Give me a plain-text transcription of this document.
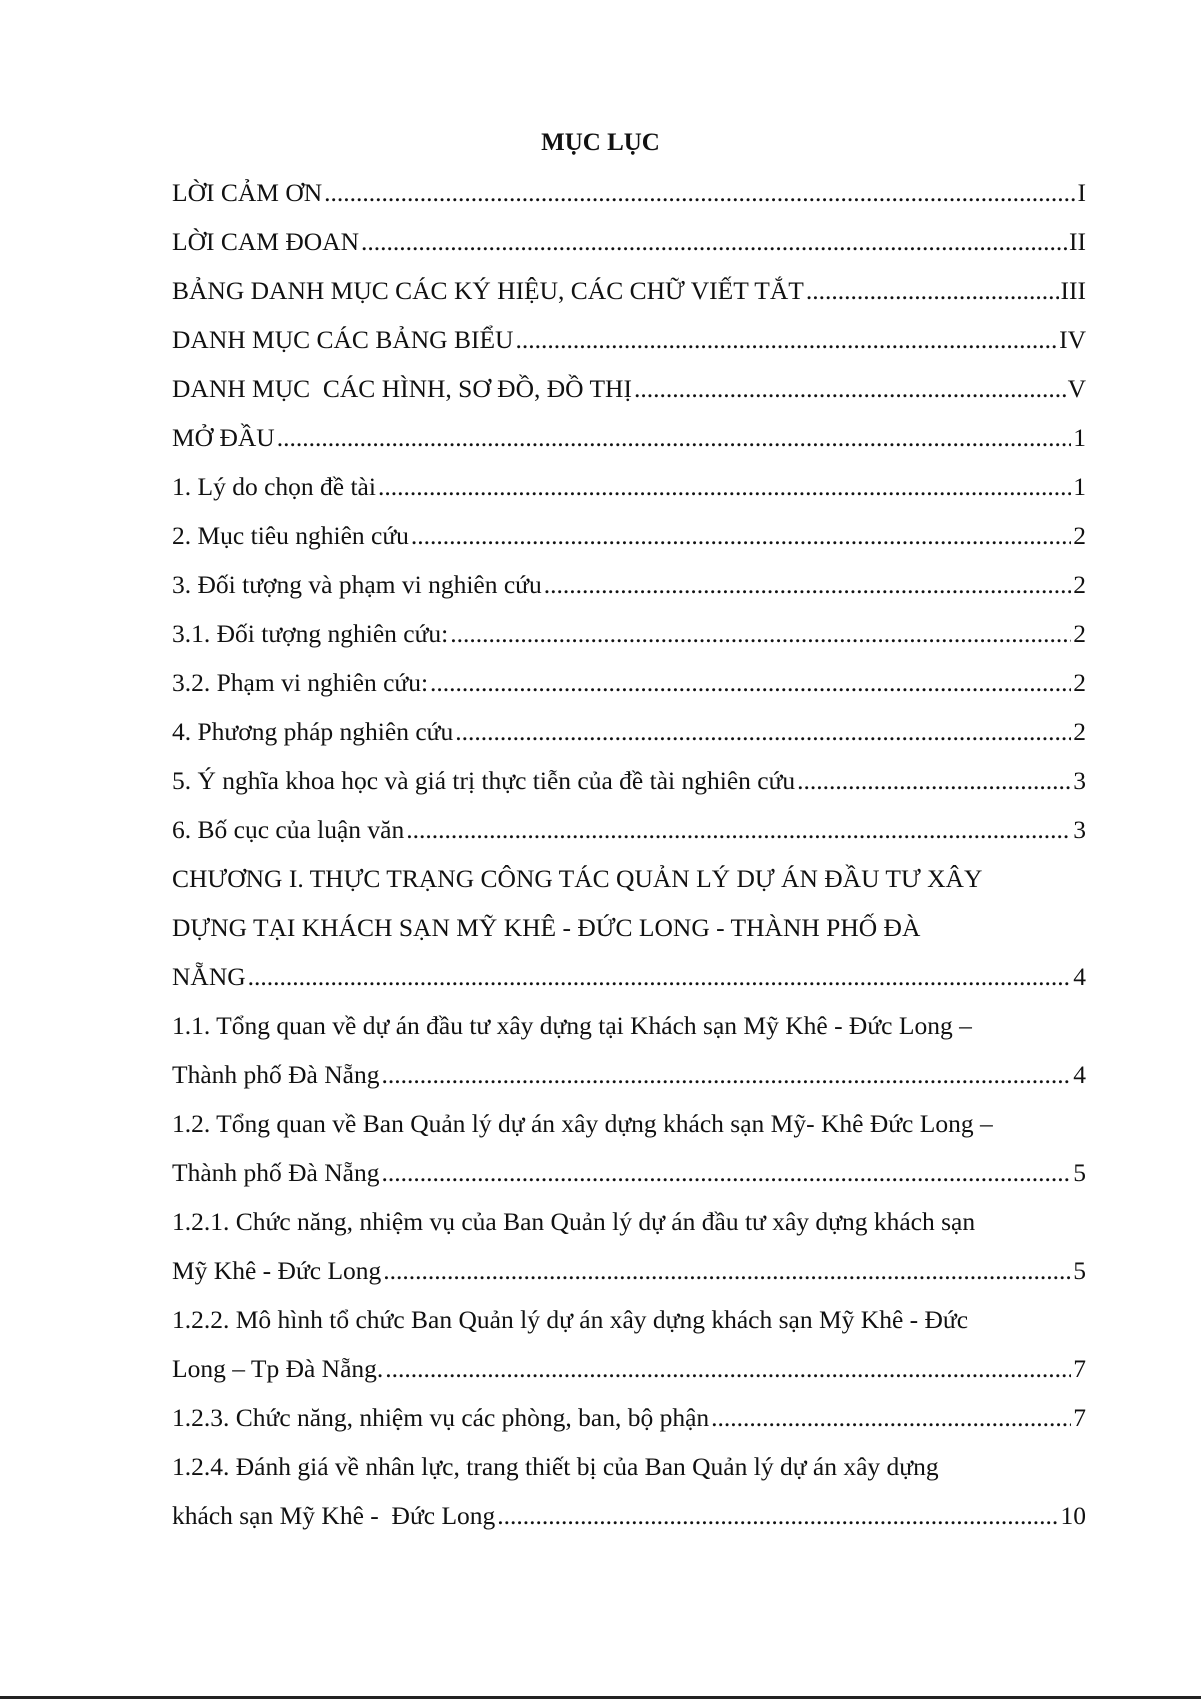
MỤC LỤC
LỜI CẢM ƠN .....	I
LỜI CAM ĐOAN .....	II
BẢNG DANH MỤC CÁC KÝ HIỆU, CÁC CHỮ VIẾT TẮT .....	III
DANH MỤC CÁC BẢNG BIỂU .....	IV
DANH MỤC  CÁC HÌNH, SƠ ĐỒ, ĐỒ THỊ .....	V
MỞ ĐẦU .....	1
1. Lý do chọn đề tài .....	1
2. Mục tiêu nghiên cứu .....	2
3. Đối tượng và phạm vi nghiên cứu .....	2
3.1. Đối tượng nghiên cứu: .....	2
3.2. Phạm vi nghiên cứu: .....	2
4. Phương pháp nghiên cứu .....	2
5. Ý nghĩa khoa học và giá trị thực tiễn của đề tài nghiên cứu .....	3
6. Bố cục của luận văn .....	3
CHƯƠNG I. THỰC TRẠNG CÔNG TÁC QUẢN LÝ DỰ ÁN ĐẦU TƯ XÂY
DỰNG TẠI KHÁCH SẠN MỸ KHÊ - ĐỨC LONG - THÀNH PHỐ ĐÀ
NẴNG .....	4
1.1. Tổng quan về dự án đầu tư xây dựng tại Khách sạn Mỹ Khê - Đức Long –
Thành phố Đà Nẵng .....	4
1.2. Tổng quan về Ban Quản lý dự án xây dựng khách sạn Mỹ- Khê Đức Long –
Thành phố Đà Nẵng .....	5
1.2.1. Chức năng, nhiệm vụ của Ban Quản lý dự án đầu tư xây dựng khách sạn
Mỹ Khê - Đức Long .....	5
1.2.2. Mô hình tổ chức Ban Quản lý dự án xây dựng khách sạn Mỹ Khê - Đức
Long – Tp Đà Nẵng. .....	7
1.2.3. Chức năng, nhiệm vụ các phòng, ban, bộ phận .....	7
1.2.4. Đánh giá về nhân lực, trang thiết bị của Ban Quản lý dự án xây dựng
khách sạn Mỹ Khê -  Đức Long .....	10
